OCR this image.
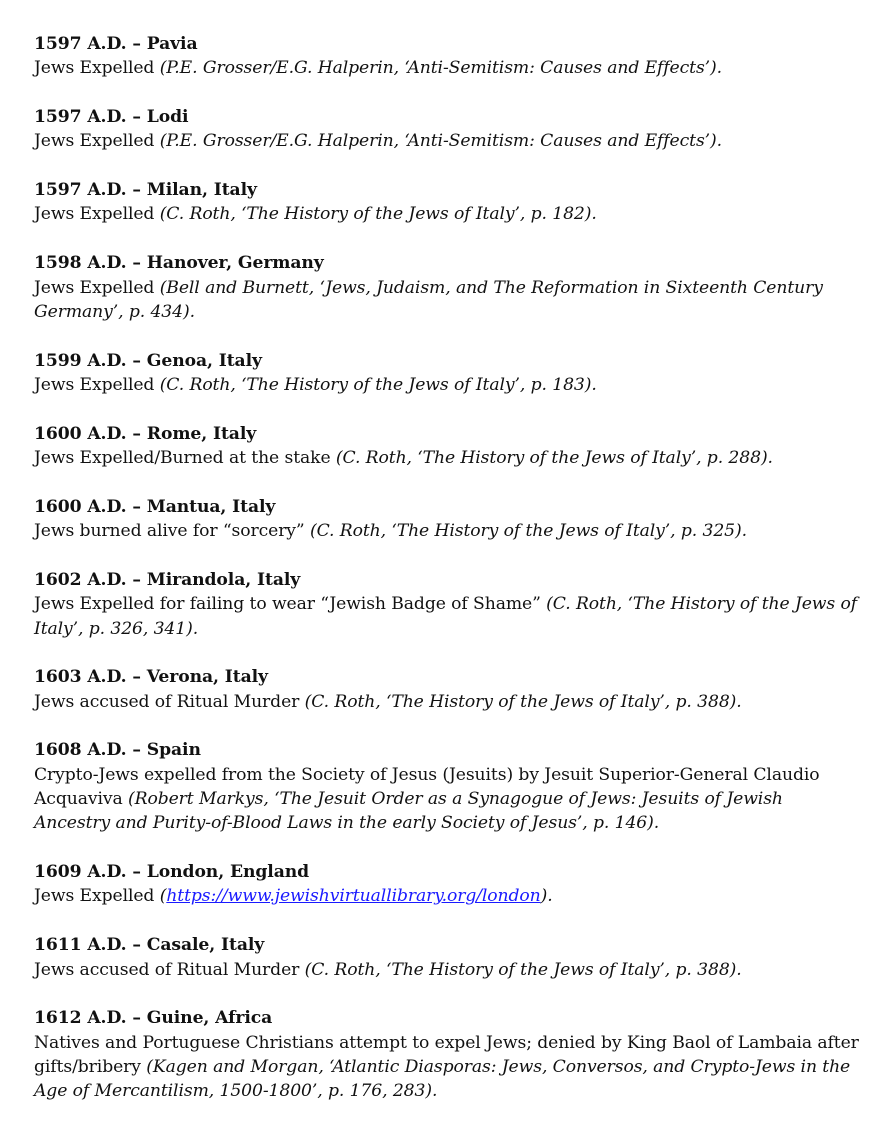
1597 A.D. – Pavia
Jews Expelled (P.E. Grosser/E.G. Halperin, ‘Anti-Semitism: Causes and Effects’).
1597 A.D. – Lodi
Jews Expelled (P.E. Grosser/E.G. Halperin, ‘Anti-Semitism: Causes and Effects’).
1597 A.D. – Milan, Italy
Jews Expelled (C. Roth, ‘The History of the Jews of Italy’, p. 182).
1598 A.D. – Hanover, Germany
Jews Expelled (Bell and Burnett, ‘Jews, Judaism, and The Reformation in Sixteenth Century Germany’, p. 434).
1599 A.D. – Genoa, Italy
Jews Expelled (C. Roth, ‘The History of the Jews of Italy’, p. 183).
1600 A.D. – Rome, Italy
Jews Expelled/Burned at the stake (C. Roth, ‘The History of the Jews of Italy’, p. 288).
1600 A.D. – Mantua, Italy
Jews burned alive for “sorcery” (C. Roth, ‘The History of the Jews of Italy’, p. 325).
1602 A.D. – Mirandola, Italy
Jews Expelled for failing to wear “Jewish Badge of Shame” (C. Roth, ‘The History of the Jews of Italy’, p. 326, 341).
1603 A.D. – Verona, Italy
Jews accused of Ritual Murder (C. Roth, ‘The History of the Jews of Italy’, p. 388).
1608 A.D. – Spain
Crypto-Jews expelled from the Society of Jesus (Jesuits) by Jesuit Superior-General Claudio Acquaviva (Robert Markys, ‘The Jesuit Order as a Synagogue of Jews: Jesuits of Jewish Ancestry and Purity-of-Blood Laws in the early Society of Jesus’, p. 146).
1609 A.D. – London, England
Jews Expelled (https://www.jewishvirtuallibrary.org/london).
1611 A.D. – Casale, Italy
Jews accused of Ritual Murder (C. Roth, ‘The History of the Jews of Italy’, p. 388).
1612 A.D. – Guine, Africa
Natives and Portuguese Christians attempt to expel Jews; denied by King Baol of Lambaia after gifts/bribery (Kagen and Morgan, ‘Atlantic Diasporas: Jews, Conversos, and Crypto-Jews in the Age of Mercantilism, 1500-1800’, p. 176, 283).
